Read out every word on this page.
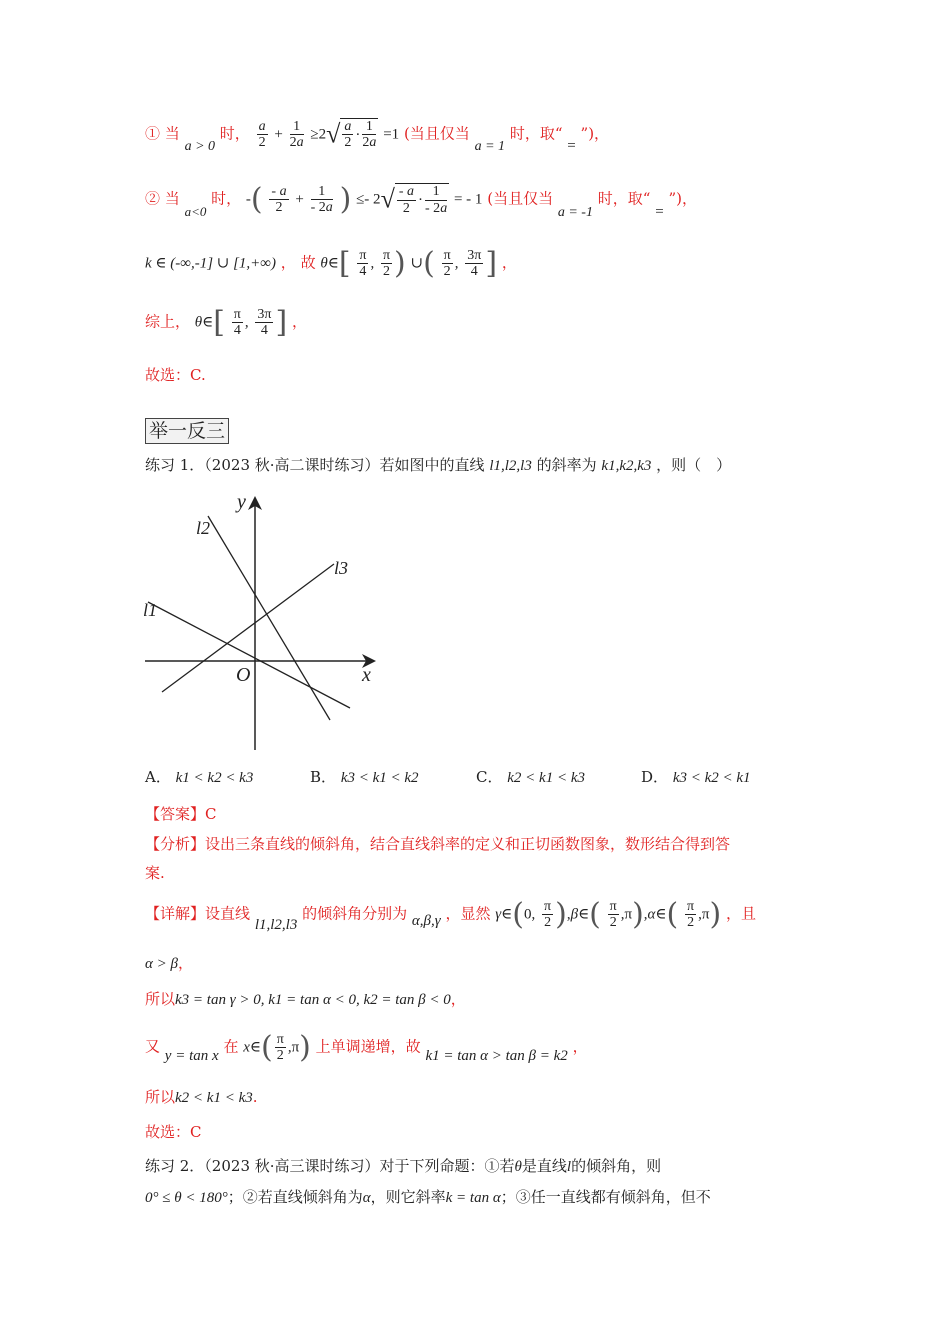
① 当 a > 0 时， $\frac{a}{2} + \frac{1}{2a} \ge 2√ \frac{a}{2} \cdot \frac{1}{2a} =1$ (当且仅当 a = 1 时，取“ = ”)，
② 当 a<0 时， -( $\frac{- a}{2} + \frac{1}{- 2a}$ ) ≤- $2√ \frac{- a}{2} \cdot \frac{1}{- 2a}$ = - 1 (当且仅当 a = -1 时，取“ = ”)，
k ∈ (-∞,-1] ∪ [1,+∞) ， 故 θ∈[ $\frac{\pi}{4}$ , $\frac{\pi}{2}$ ) ∪( $\frac{\pi}{2}$ , $\frac{3\pi}{4}$ ] ，
综上， θ∈[ $\frac{\pi}{4}$ , $\frac{3\pi}{4}$ ] ，
故选：C.
举一反三
练习 1．（2023 秋·高二课时练习）若如图中的直线 l1,l2,l3 的斜率为 k1,k2,k3 ，则（　）
y
x
O
l1
l2
l3
A． k1 < k2 < k3	B． k3 < k1 < k2	C． k2 < k1 < k3	D． k3 < k2 < k1
【答案】C
【分析】设出三条直线的倾斜角，结合直线斜率的定义和正切函数图象，数形结合得到答
案.
【详解】设直线 l1,l2,l3 的倾斜角分别为 α,β,γ ，显然 γ∈(0, $\frac{\pi}{2}$ ),β∈( $\frac{\pi}{2}$ ,π),α∈( $\frac{\pi}{2} ,\pi$) ，且
α > β，
所以k3 = tan γ > 0, k1 = tan α < 0, k2 = tan β < 0，
又 y = tan x 在 x∈( $\frac{\pi}{2} ,\pi$) 上单调递增，故 k1 = tan α > tan β = k2 ，
所以k2 < k1 < k3.
故选：C
练习 2．（2023 秋·高三课时练习）对于下列命题：①若θ是直线l的倾斜角，则
0° ≤ θ < 180°；②若直线倾斜角为α，则它斜率k = tan α；③任一直线都有倾斜角，但不
